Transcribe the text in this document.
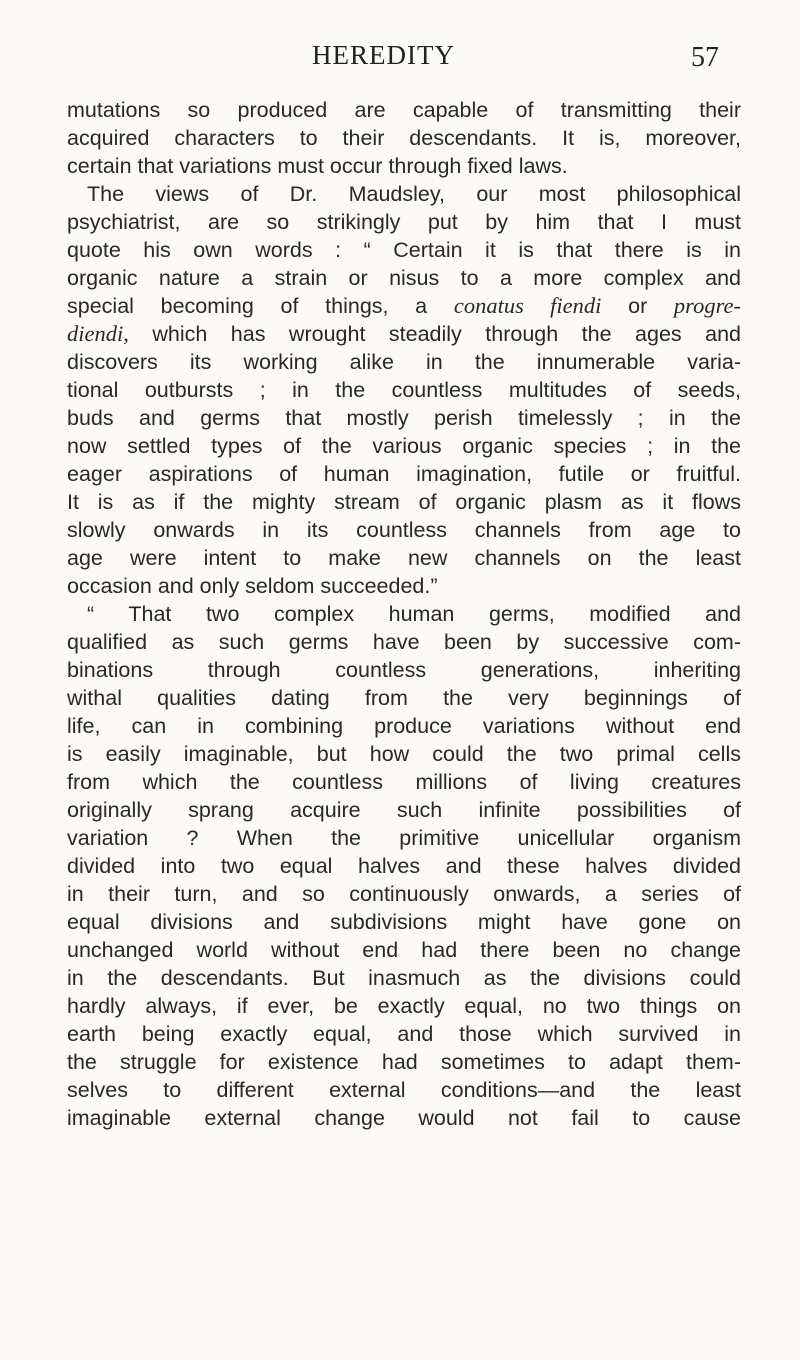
HEREDITY	57
mutations so produced are capable of transmitting their
acquired characters to their descendants. It is, moreover,
certain that variations must occur through fixed laws.
The views of Dr. Maudsley, our most philosophical
psychiatrist, are so strikingly put by him that I must
quote his own words : “ Certain it is that there is in
organic nature a strain or nisus to a more complex and
special becoming of things, a conatus fiendi or progre-
diendi, which has wrought steadily through the ages and
discovers its working alike in the innumerable varia-
tional outbursts ; in the countless multitudes of seeds,
buds and germs that mostly perish timelessly ; in the
now settled types of the various organic species ; in the
eager aspirations of human imagination, futile or fruitful.
It is as if the mighty stream of organic plasm as it flows
slowly onwards in its countless channels from age to
age were intent to make new channels on the least
occasion and only seldom succeeded.”
“ That two complex human germs, modified and
qualified as such germs have been by successive com-
binations through countless generations, inheriting
withal qualities dating from the very beginnings of
life, can in combining produce variations without end
is easily imaginable, but how could the two primal cells
from which the countless millions of living creatures
originally sprang acquire such infinite possibilities of
variation ? When the primitive unicellular organism
divided into two equal halves and these halves divided
in their turn, and so continuously onwards, a series of
equal divisions and subdivisions might have gone on
unchanged world without end had there been no change
in the descendants. But inasmuch as the divisions could
hardly always, if ever, be exactly equal, no two things on
earth being exactly equal, and those which survived in
the struggle for existence had sometimes to adapt them-
selves to different external conditions—and the least
imaginable external change would not fail to cause
